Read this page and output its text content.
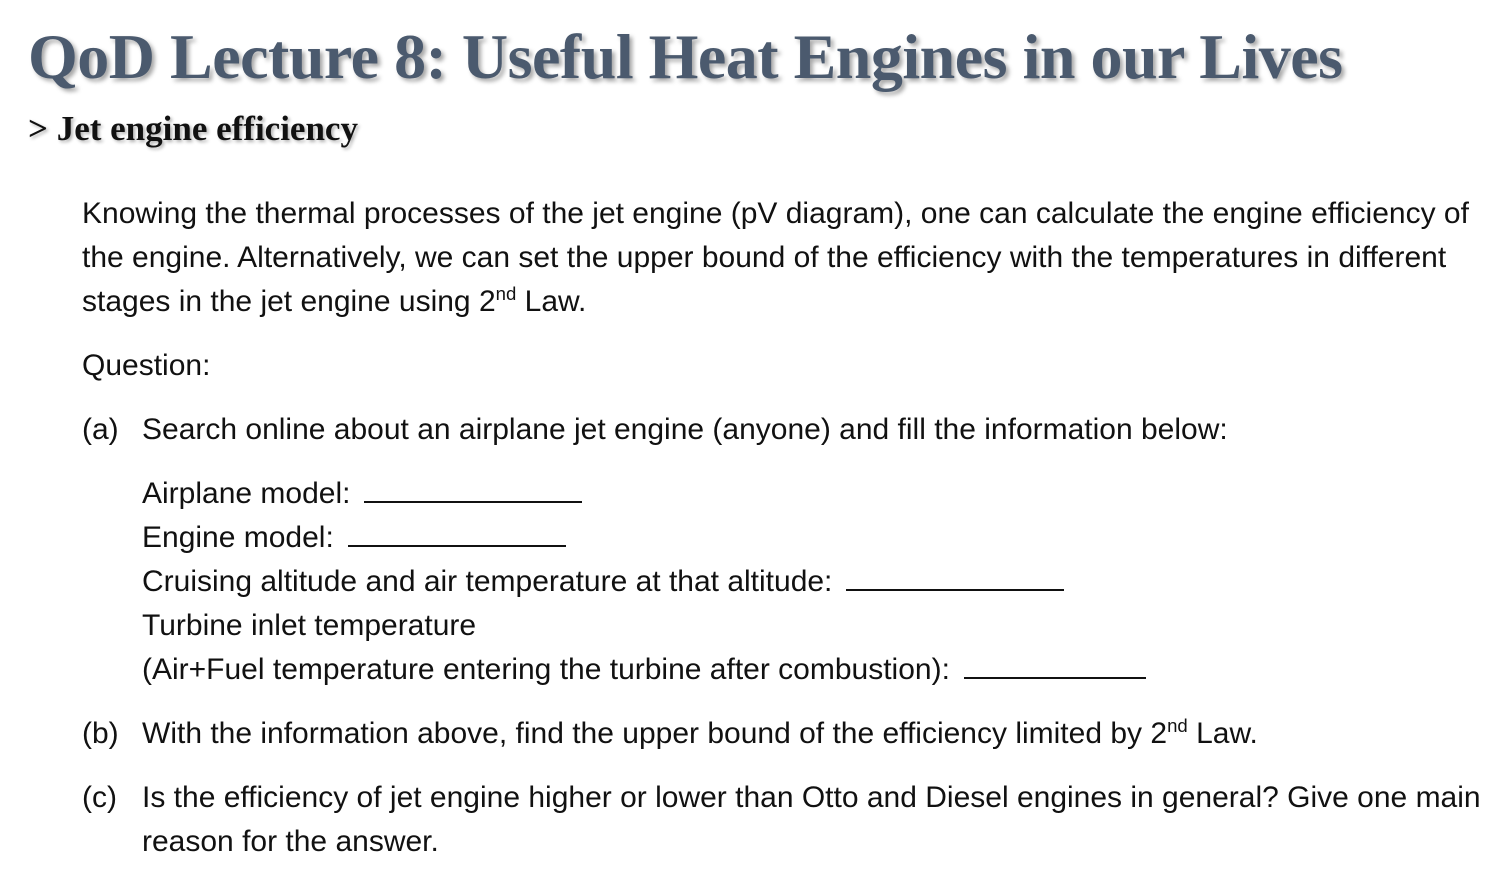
QoD Lecture 8: Useful Heat Engines in our Lives
> Jet engine efficiency

Knowing the thermal processes of the jet engine (pV diagram), one can calculate the engine efficiency of the engine. Alternatively, we can set the upper bound of the efficiency with the temperatures in different stages in the jet engine using 2nd Law.

Question:

(a) Search online about an airplane jet engine (anyone) and fill the information below:
Airplane model:
Engine model:
Cruising altitude and air temperature at that altitude:
Turbine inlet temperature
(Air+Fuel temperature entering the turbine after combustion):
(b) With the information above, find the upper bound of the efficiency limited by 2nd Law.
(c) Is the efficiency of jet engine higher or lower than Otto and Diesel engines in general? Give one main reason for the answer.
